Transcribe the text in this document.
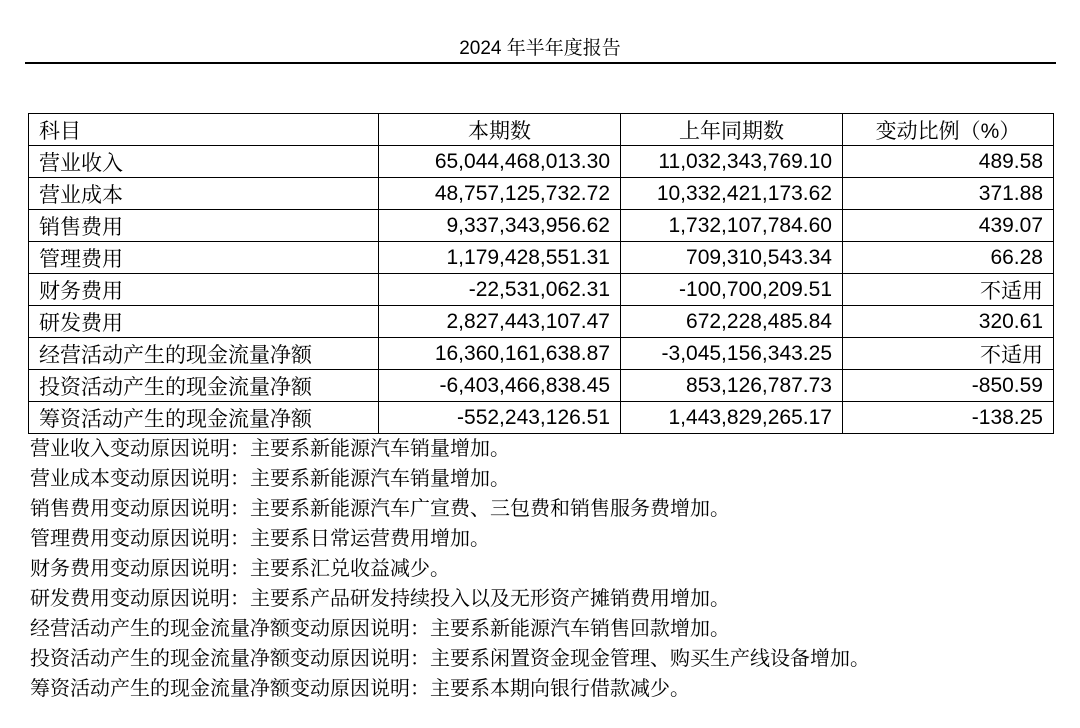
2024 年半年度报告
科目	本期数	上年同期数	变动比例（%）
营业收入	65,044,468,013.30	11,032,343,769.10	489.58
营业成本	48,757,125,732.72	10,332,421,173.62	371.88
销售费用	9,337,343,956.62	1,732,107,784.60	439.07
管理费用	1,179,428,551.31	709,310,543.34	66.28
财务费用	-22,531,062.31	-100,700,209.51	不适用
研发费用	2,827,443,107.47	672,228,485.84	320.61
经营活动产生的现金流量净额	16,360,161,638.87	-3,045,156,343.25	不适用
投资活动产生的现金流量净额	-6,403,466,838.45	853,126,787.73	-850.59
筹资活动产生的现金流量净额	-552,243,126.51	1,443,829,265.17	-138.25
营业收入变动原因说明：主要系新能源汽车销量增加。
营业成本变动原因说明：主要系新能源汽车销量增加。
销售费用变动原因说明：主要系新能源汽车广宣费、三包费和销售服务费增加。
管理费用变动原因说明：主要系日常运营费用增加。
财务费用变动原因说明：主要系汇兑收益减少。
研发费用变动原因说明：主要系产品研发持续投入以及无形资产摊销费用增加。
经营活动产生的现金流量净额变动原因说明：主要系新能源汽车销售回款增加。
投资活动产生的现金流量净额变动原因说明：主要系闲置资金现金管理、购买生产线设备增加。
筹资活动产生的现金流量净额变动原因说明：主要系本期向银行借款减少。
